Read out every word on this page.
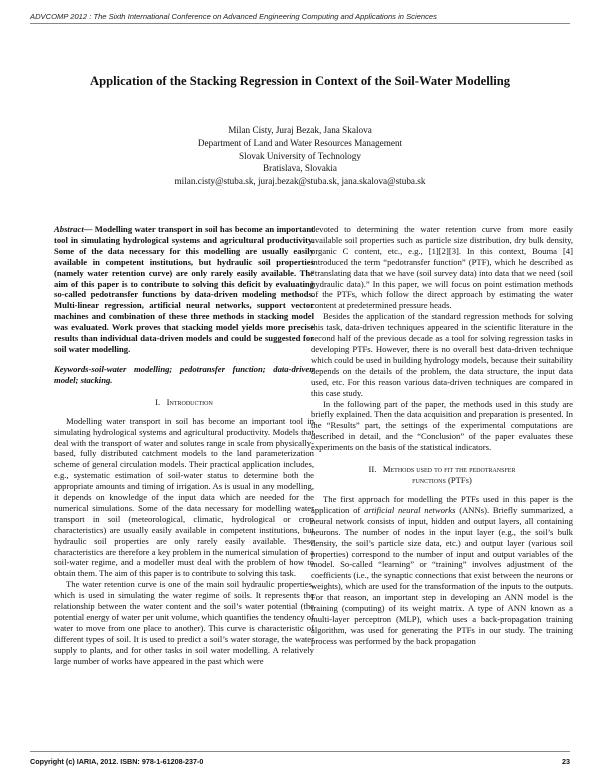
ADVCOMP 2012 : The Sixth International Conference on Advanced Engineering Computing and Applications in Sciences
Application of the Stacking Regression in Context of the Soil-Water Modelling
Milan Cisty, Juraj Bezak, Jana Skalova
Department of Land and Water Resources Management
Slovak University of Technology
Bratislava, Slovakia
milan.cisty@stuba.sk, juraj.bezak@stuba.sk, jana.skalova@stuba.sk

Abstract— Modelling water transport in soil has become an important tool in simulating hydrological systems and agricultural productivity. Some of the data necessary for this modelling are usually easily available in competent institutions, but hydraulic soil properties (namely water retention curve) are only rarely easily available. The aim of this paper is to contribute to solving this deficit by evaluating so-called pedotransfer functions by data-driven modeling methods. Multi-linear regression, artificial neural networks, support vector machines and combination of these three methods in stacking model was evaluated. Work proves that stacking model yields more precise results than individual data-driven models and could be suggested for soil water modelling.

Keywords-soil-water modelling; pedotransfer function; data-driven model; stacking.

I. Introduction

Modelling water transport in soil has become an important tool in simulating hydrological systems and agricultural productivity. Models that deal with the transport of water and solutes range in scale from physically-based, fully distributed catchment models to the land parameterization scheme of general circulation models. Their practical application includes, e.g., systematic estimation of soil-water status to determine both the appropriate amounts and timing of irrigation. As is usual in any modelling, it depends on knowledge of the input data which are needed for the numerical simulations. Some of the data necessary for modelling water transport in soil (meteorological, climatic, hydrological or crop characteristics) are usually easily available in competent institutions, but hydraulic soil properties are only rarely easily available. These characteristics are therefore a key problem in the numerical simulation of a soil-water regime, and a modeller must deal with the problem of how to obtain them. The aim of this paper is to contribute to solving this task.

The water retention curve is one of the main soil hydraulic properties, which is used in simulating the water regime of soils. It represents the relationship between the water content and the soil’s water potential (the potential energy of water per unit volume, which quantifies the tendency of water to move from one place to another). This curve is characteristic of different types of soil. It is used to predict a soil’s water storage, the water supply to plants, and for other tasks in soil water modelling. A relatively large number of works have appeared in the past which were

devoted to determining the water retention curve from more easily available soil properties such as particle size distribution, dry bulk density, organic C content, etc., e.g., [1][2][3]. In this context, Bouma [4] introduced the term “pedotransfer function” (PTF), which he described as “translating data that we have (soil survey data) into data that we need (soil hydraulic data).” In this paper, we will focus on point estimation methods of the PTFs, which follow the direct approach by estimating the water content at predetermined pressure heads.

Besides the application of the standard regression methods for solving this task, data-driven techniques appeared in the scientific literature in the second half of the previous decade as a tool for solving regression tasks in developing PTFs. However, there is no overall best data-driven technique which could be used in building hydrology models, because their suitability depends on the details of the problem, the data structure, the input data used, etc. For this reason various data-driven techniques are compared in this case study.

In the following part of the paper, the methods used in this study are briefly explained. Then the data acquisition and preparation is presented. In the “Results” part, the settings of the experimental computations are described in detail, and the “Conclusion” of the paper evaluates these experiments on the basis of the statistical indicators.

II. Methods used to fit the pedotransfer
functions (PTFs)

The first approach for modelling the PTFs used in this paper is the application of artificial neural networks (ANNs). Briefly summarized, a neural network consists of input, hidden and output layers, all containing neurons. The number of nodes in the input layer (e.g., the soil’s bulk density, the soil’s particle size data, etc.) and output layer (various soil properties) correspond to the number of input and output variables of the model. So-called “learning” or “training” involves adjustment of the coefficients (i.e., the synaptic connections that exist between the neurons or weights), which are used for the transformation of the inputs to the outputs. For that reason, an important step in developing an ANN model is the training (computing) of its weight matrix. A type of ANN known as a multi-layer perceptron (MLP), which uses a back-propagation training algorithm, was used for generating the PTFs in our study. The training process was performed by the back propagation

Copyright (c) IARIA, 2012. ISBN: 978-1-61208-237-0	23
